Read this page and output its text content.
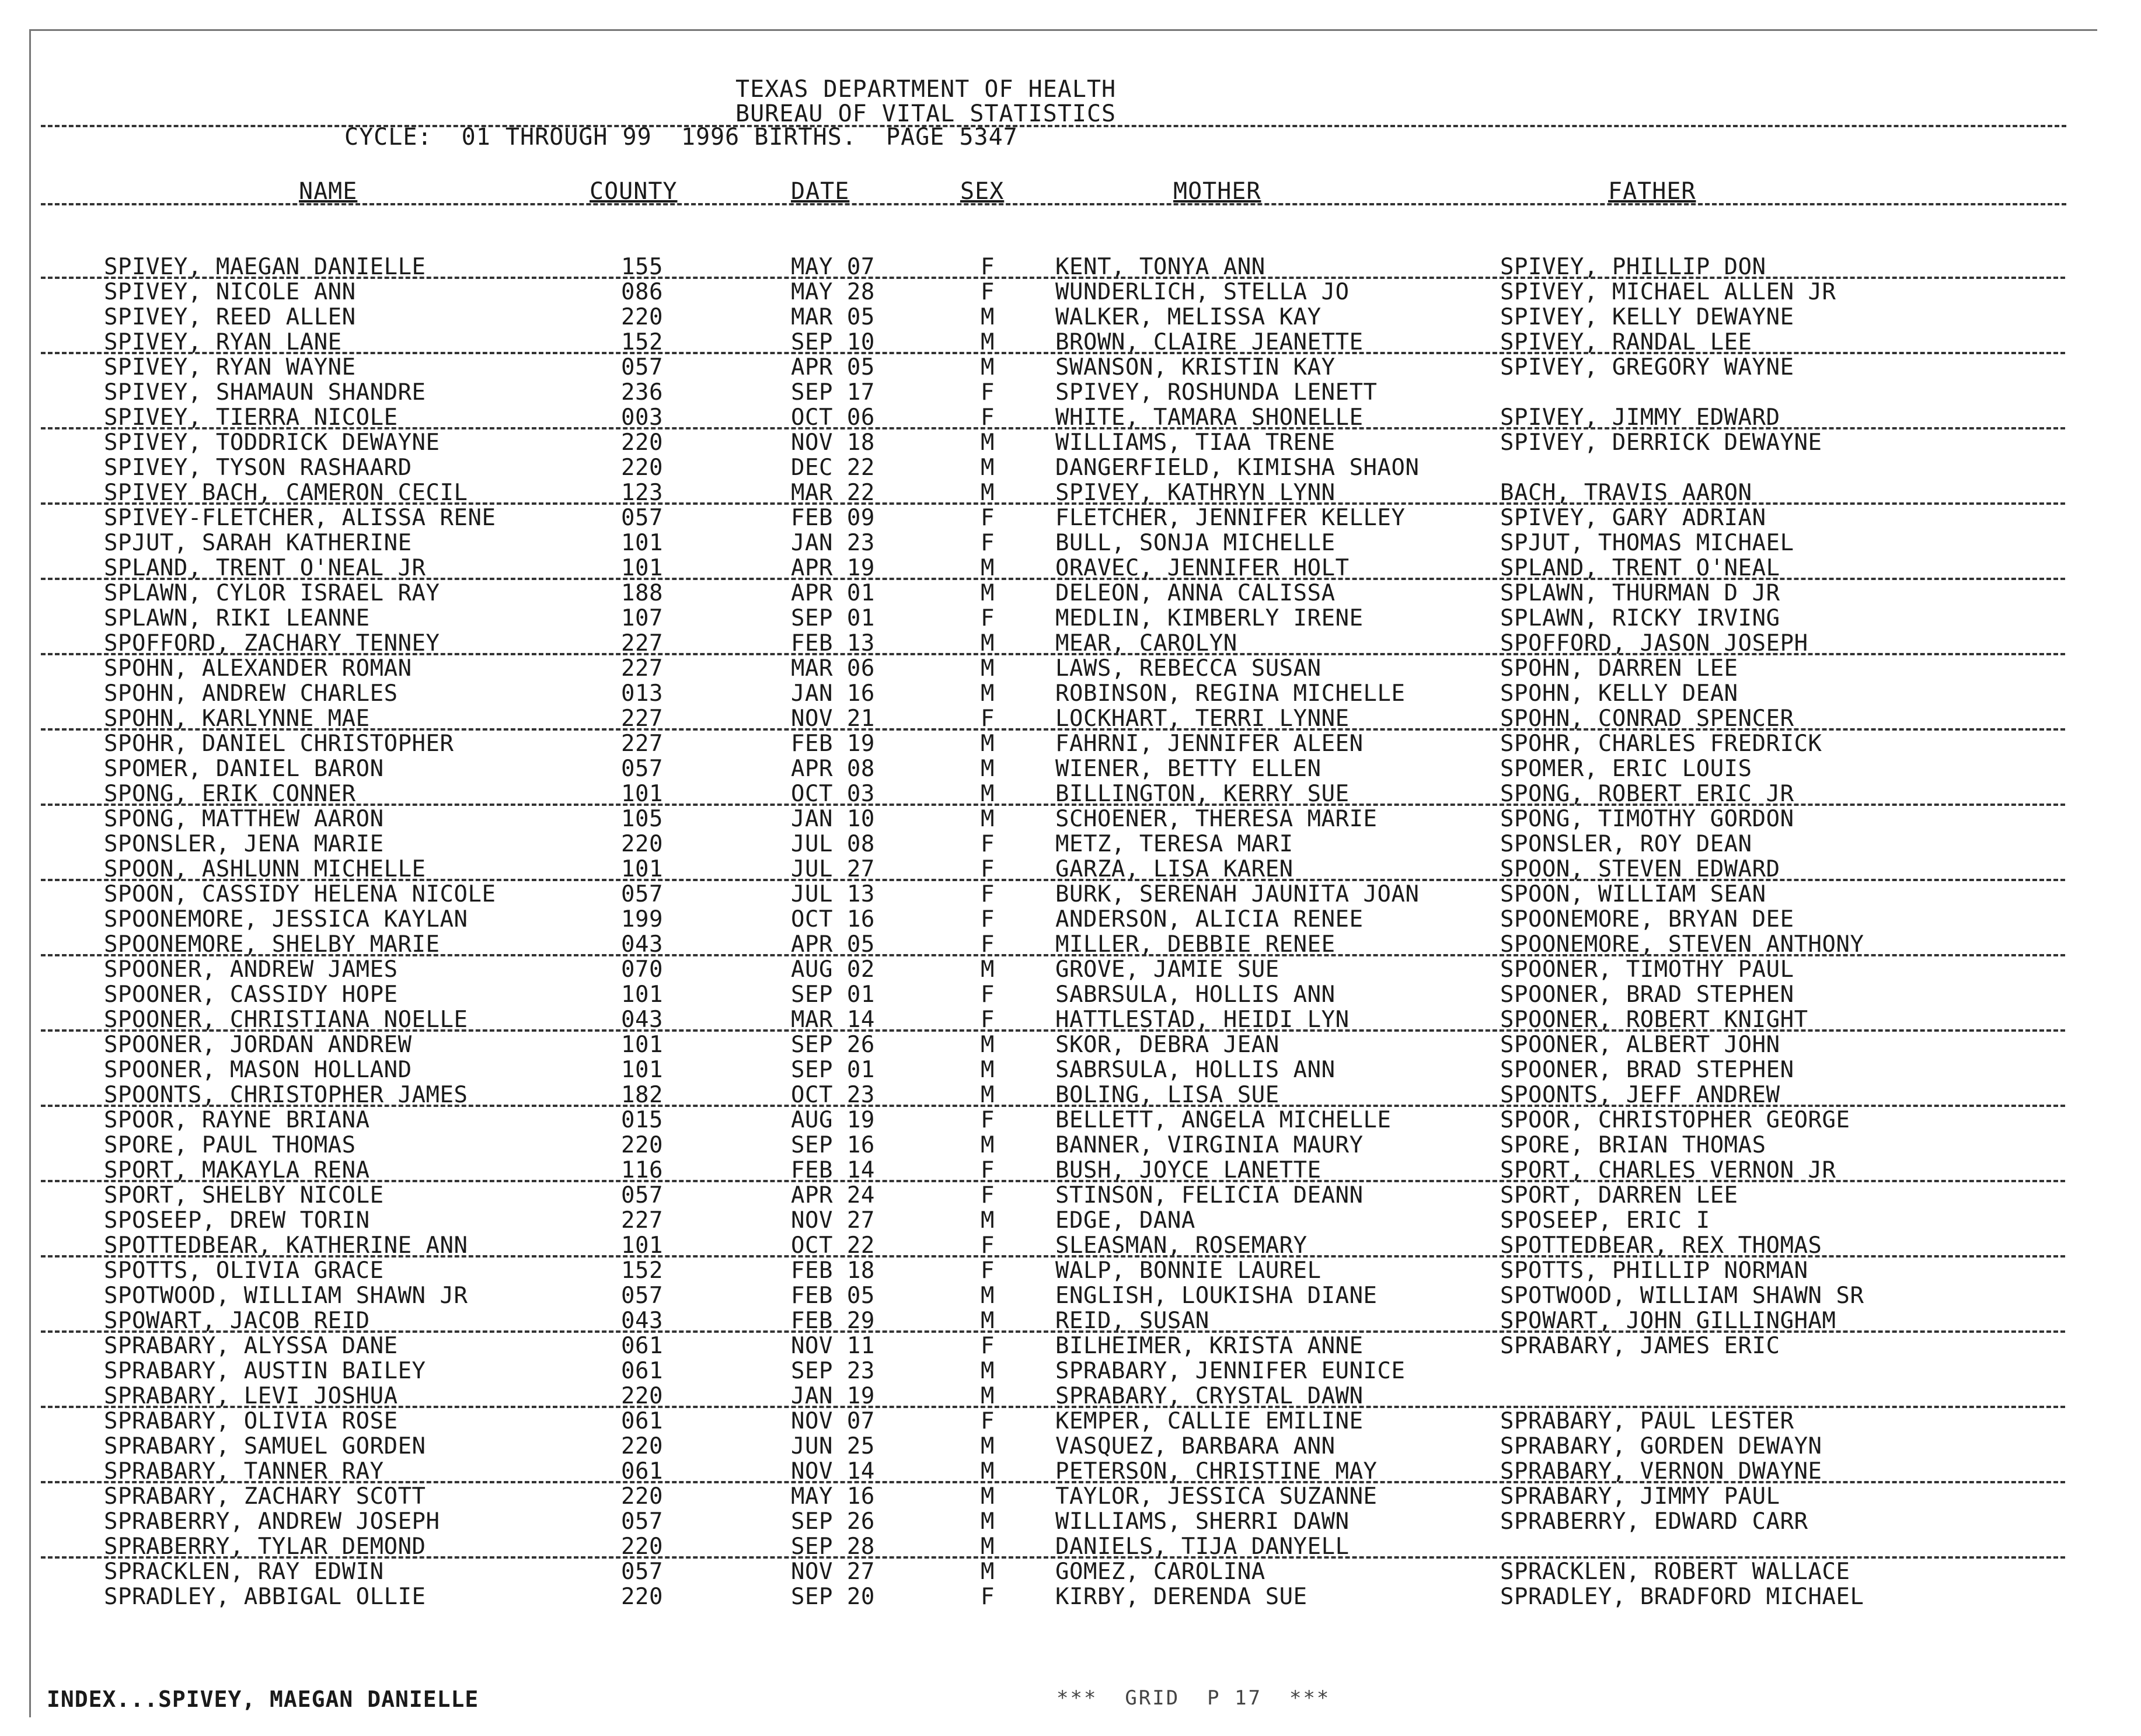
TEXAS DEPARTMENT OF HEALTH
BUREAU OF VITAL STATISTICS
CYCLE:  01 THROUGH 99  1996 BIRTHS.  PAGE 5347
NAME	COUNTY	DATE	SEX	MOTHER	FATHER
SPIVEY, MAEGAN DANIELLE	155	MAY 07	F	KENT, TONYA ANN	SPIVEY, PHILLIP DON
SPIVEY, NICOLE ANN	086	MAY 28	F	WUNDERLICH, STELLA JO	SPIVEY, MICHAEL ALLEN JR
SPIVEY, REED ALLEN	220	MAR 05	M	WALKER, MELISSA KAY	SPIVEY, KELLY DEWAYNE
SPIVEY, RYAN LANE	152	SEP 10	M	BROWN, CLAIRE JEANETTE	SPIVEY, RANDAL LEE
SPIVEY, RYAN WAYNE	057	APR 05	M	SWANSON, KRISTIN KAY	SPIVEY, GREGORY WAYNE
SPIVEY, SHAMAUN SHANDRE	236	SEP 17	F	SPIVEY, ROSHUNDA LENETT
SPIVEY, TIERRA NICOLE	003	OCT 06	F	WHITE, TAMARA SHONELLE	SPIVEY, JIMMY EDWARD
SPIVEY, TODDRICK DEWAYNE	220	NOV 18	M	WILLIAMS, TIAA TRENE	SPIVEY, DERRICK DEWAYNE
SPIVEY, TYSON RASHAARD	220	DEC 22	M	DANGERFIELD, KIMISHA SHAON
SPIVEY BACH, CAMERON CECIL	123	MAR 22	M	SPIVEY, KATHRYN LYNN	BACH, TRAVIS AARON
SPIVEY-FLETCHER, ALISSA RENE	057	FEB 09	F	FLETCHER, JENNIFER KELLEY	SPIVEY, GARY ADRIAN
SPJUT, SARAH KATHERINE	101	JAN 23	F	BULL, SONJA MICHELLE	SPJUT, THOMAS MICHAEL
SPLAND, TRENT O'NEAL JR	101	APR 19	M	ORAVEC, JENNIFER HOLT	SPLAND, TRENT O'NEAL
SPLAWN, CYLOR ISRAEL RAY	188	APR 01	M	DELEON, ANNA CALISSA	SPLAWN, THURMAN D JR
SPLAWN, RIKI LEANNE	107	SEP 01	F	MEDLIN, KIMBERLY IRENE	SPLAWN, RICKY IRVING
SPOFFORD, ZACHARY TENNEY	227	FEB 13	M	MEAR, CAROLYN	SPOFFORD, JASON JOSEPH
SPOHN, ALEXANDER ROMAN	227	MAR 06	M	LAWS, REBECCA SUSAN	SPOHN, DARREN LEE
SPOHN, ANDREW CHARLES	013	JAN 16	M	ROBINSON, REGINA MICHELLE	SPOHN, KELLY DEAN
SPOHN, KARLYNNE MAE	227	NOV 21	F	LOCKHART, TERRI LYNNE	SPOHN, CONRAD SPENCER
SPOHR, DANIEL CHRISTOPHER	227	FEB 19	M	FAHRNI, JENNIFER ALEEN	SPOHR, CHARLES FREDRICK
SPOMER, DANIEL BARON	057	APR 08	M	WIENER, BETTY ELLEN	SPOMER, ERIC LOUIS
SPONG, ERIK CONNER	101	OCT 03	M	BILLINGTON, KERRY SUE	SPONG, ROBERT ERIC JR
SPONG, MATTHEW AARON	105	JAN 10	M	SCHOENER, THERESA MARIE	SPONG, TIMOTHY GORDON
SPONSLER, JENA MARIE	220	JUL 08	F	METZ, TERESA MARI	SPONSLER, ROY DEAN
SPOON, ASHLUNN MICHELLE	101	JUL 27	F	GARZA, LISA KAREN	SPOON, STEVEN EDWARD
SPOON, CASSIDY HELENA NICOLE	057	JUL 13	F	BURK, SERENAH JAUNITA JOAN	SPOON, WILLIAM SEAN
SPOONEMORE, JESSICA KAYLAN	199	OCT 16	F	ANDERSON, ALICIA RENEE	SPOONEMORE, BRYAN DEE
SPOONEMORE, SHELBY MARIE	043	APR 05	F	MILLER, DEBBIE RENEE	SPOONEMORE, STEVEN ANTHONY
SPOONER, ANDREW JAMES	070	AUG 02	M	GROVE, JAMIE SUE	SPOONER, TIMOTHY PAUL
SPOONER, CASSIDY HOPE	101	SEP 01	F	SABRSULA, HOLLIS ANN	SPOONER, BRAD STEPHEN
SPOONER, CHRISTIANA NOELLE	043	MAR 14	F	HATTLESTAD, HEIDI LYN	SPOONER, ROBERT KNIGHT
SPOONER, JORDAN ANDREW	101	SEP 26	M	SKOR, DEBRA JEAN	SPOONER, ALBERT JOHN
SPOONER, MASON HOLLAND	101	SEP 01	M	SABRSULA, HOLLIS ANN	SPOONER, BRAD STEPHEN
SPOONTS, CHRISTOPHER JAMES	182	OCT 23	M	BOLING, LISA SUE	SPOONTS, JEFF ANDREW
SPOOR, RAYNE BRIANA	015	AUG 19	F	BELLETT, ANGELA MICHELLE	SPOOR, CHRISTOPHER GEORGE
SPORE, PAUL THOMAS	220	SEP 16	M	BANNER, VIRGINIA MAURY	SPORE, BRIAN THOMAS
SPORT, MAKAYLA RENA	116	FEB 14	F	BUSH, JOYCE LANETTE	SPORT, CHARLES VERNON JR
SPORT, SHELBY NICOLE	057	APR 24	F	STINSON, FELICIA DEANN	SPORT, DARREN LEE
SPOSEEP, DREW TORIN	227	NOV 27	M	EDGE, DANA	SPOSEEP, ERIC I
SPOTTEDBEAR, KATHERINE ANN	101	OCT 22	F	SLEASMAN, ROSEMARY	SPOTTEDBEAR, REX THOMAS
SPOTTS, OLIVIA GRACE	152	FEB 18	F	WALP, BONNIE LAUREL	SPOTTS, PHILLIP NORMAN
SPOTWOOD, WILLIAM SHAWN JR	057	FEB 05	M	ENGLISH, LOUKISHA DIANE	SPOTWOOD, WILLIAM SHAWN SR
SPOWART, JACOB REID	043	FEB 29	M	REID, SUSAN	SPOWART, JOHN GILLINGHAM
SPRABARY, ALYSSA DANE	061	NOV 11	F	BILHEIMER, KRISTA ANNE	SPRABARY, JAMES ERIC
SPRABARY, AUSTIN BAILEY	061	SEP 23	M	SPRABARY, JENNIFER EUNICE
SPRABARY, LEVI JOSHUA	220	JAN 19	M	SPRABARY, CRYSTAL DAWN
SPRABARY, OLIVIA ROSE	061	NOV 07	F	KEMPER, CALLIE EMILINE	SPRABARY, PAUL LESTER
SPRABARY, SAMUEL GORDEN	220	JUN 25	M	VASQUEZ, BARBARA ANN	SPRABARY, GORDEN DEWAYN
SPRABARY, TANNER RAY	061	NOV 14	M	PETERSON, CHRISTINE MAY	SPRABARY, VERNON DWAYNE
SPRABARY, ZACHARY SCOTT	220	MAY 16	M	TAYLOR, JESSICA SUZANNE	SPRABARY, JIMMY PAUL
SPRABERRY, ANDREW JOSEPH	057	SEP 26	M	WILLIAMS, SHERRI DAWN	SPRABERRY, EDWARD CARR
SPRABERRY, TYLAR DEMOND	220	SEP 28	M	DANIELS, TIJA DANYELL
SPRACKLEN, RAY EDWIN	057	NOV 27	M	GOMEZ, CAROLINA	SPRACKLEN, ROBERT WALLACE
SPRADLEY, ABBIGAL OLLIE	220	SEP 20	F	KIRBY, DERENDA SUE	SPRADLEY, BRADFORD MICHAEL
INDEX...SPIVEY, MAEGAN DANIELLE	***  GRID  P 17  ***
